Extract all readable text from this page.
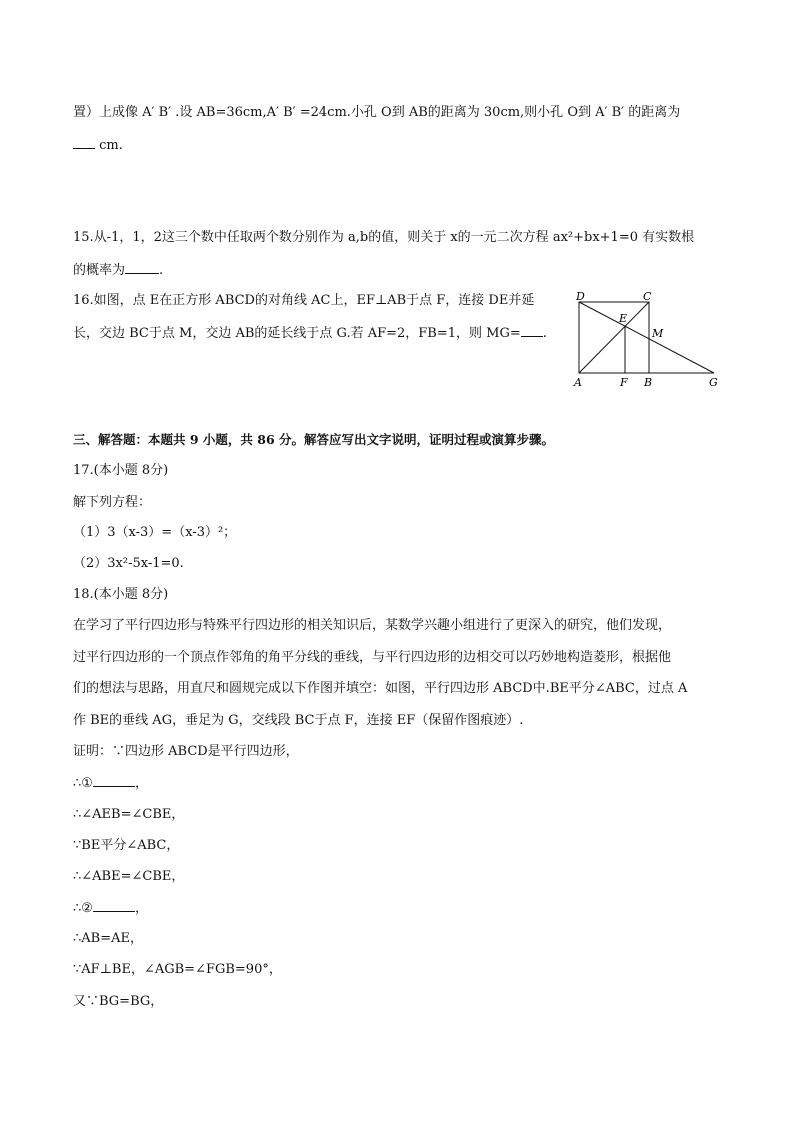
置）上成像 A′ B′ .设 AB=36cm,A′ B′ =24cm.小孔 O到 AB的距离为 30cm,则小孔 O到 A′ B′ 的距离为
cm.
15.从-1，1，2这三个数中任取两个数分别作为 a,b的值，则关于 x的一元二次方程 ax²+bx+1=0 有实数根
的概率为	.
16.如图，点 E在正方形 ABCD的对角线 AC上，EF⊥AB于点 F，连接 DE并延
长，交边 BC于点 M，交边 AB的延长线于点 G.若 AF=2，FB=1，则 MG= .
D	C
E
M
A	F B	G
三、解答题：本题共 9 小题，共 86 分。解答应写出文字说明，证明过程或演算步骤。
17.(本小题 8分)
解下列方程：
（1）3（x-3）=（x-3）²；
（2）3x²-5x-1=0.
18.(本小题 8分)
在学习了平行四边形与特殊平行四边形的相关知识后，某数学兴趣小组进行了更深入的研究，他们发现，
过平行四边形的一个顶点作邻角的角平分线的垂线，与平行四边形的边相交可以巧妙地构造菱形，根据他
们的想法与思路，用直尺和圆规完成以下作图并填空：如图，平行四边形 ABCD中.BE平分∠ABC，过点 A
作 BE的垂线 AG，垂足为 G，交线段 BC于点 F，连接 EF（保留作图痕迹）.
证明：∵四边形 ABCD是平行四边形，
∴①	，
∴∠AEB=∠CBE，
∵BE平分∠ABC，
∴∠ABE=∠CBE，
∴②	，
∴AB=AE，
∵AF⊥BE，∠AGB=∠FGB=90°，
又∵BG=BG，
